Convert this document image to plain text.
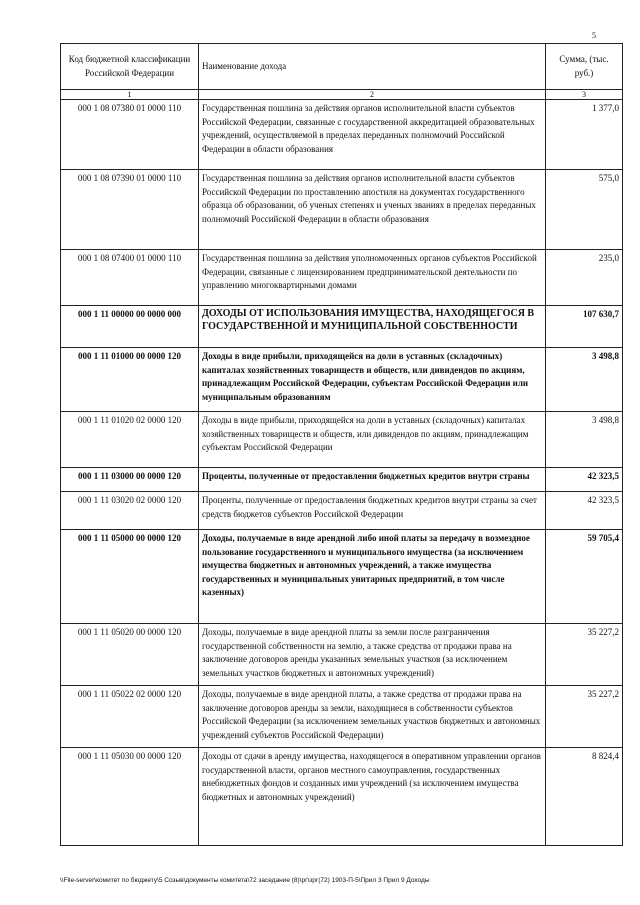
5
Код бюджетной классификации Российской Федерации	Наименование дохода	Сумма, (тыс. руб.)
1	2	3
000 1 08 07380 01 0000 110	Государственная пошлина за действия органов исполнительной власти субъектов Российской Федерации, связанные с государственной аккредитацией образовательных учреждений, осуществляемой в пределах переданных полномочий Российской Федерации в области образования	1 377,0
000 1 08 07390 01 0000 110	Государственная пошлина за действия органов исполнительной власти субъектов Российской Федерации по проставлению апостиля на документах государственного образца об образовании, об ученых степенях и ученых званиях в пределах переданных полномочий Российской Федерации в области образования	575,0
000 1 08 07400 01 0000 110	Государственная пошлина за действия уполномоченных органов субъектов Российской Федерации, связанные с лицензированием предпринимательской деятельности по управлению многоквартирными домами	235,0
000 1 11 00000 00 0000 000	ДОХОДЫ ОТ ИСПОЛЬЗОВАНИЯ ИМУЩЕСТВА, НАХОДЯЩЕГОСЯ В ГОСУДАРСТВЕННОЙ И МУНИЦИПАЛЬНОЙ СОБСТВЕННОСТИ	107 630,7
000 1 11 01000 00 0000 120	Доходы в виде прибыли, приходящейся на доли в уставных (складочных) капиталах хозяйственных товариществ и обществ, или дивидендов по акциям, принадлежащим Российской Федерации, субъектам Российской Федерации или муниципальным образованиям	3 498,8
000 1 11 01020 02 0000 120	Доходы в виде прибыли, приходящейся на доли в уставных (складочных) капиталах хозяйственных товариществ и обществ, или дивидендов по акциям, принадлежащим субъектам Российской Федерации	3 498,8
000 1 11 03000 00 0000 120	Проценты, полученные от предоставления бюджетных кредитов внутри страны	42 323,5
000 1 11 03020 02 0000 120	Проценты, полученные от предоставления бюджетных кредитов внутри страны за счет средств бюджетов субъектов Российской Федерации	42 323,5
000 1 11 05000 00 0000 120	Доходы, получаемые в виде арендной либо иной платы за передачу в возмездное пользование государственного и муниципального имущества (за исключением имущества бюджетных и автономных учреждений, а также имущества государственных и муниципальных унитарных предприятий, в том числе казенных)	59 705,4
000 1 11 05020 00 0000 120	Доходы, получаемые в виде арендной платы за земли после разграничения государственной собственности на землю, а также средства от продажи права на заключение договоров аренды указанных земельных участков (за исключением земельных участков бюджетных и автономных учреждений)	35 227,2
000 1 11 05022 02 0000 120	Доходы, получаемые в виде арендной платы, а также средства от продажи права на заключение договоров аренды за земли, находящиеся в собственности субъектов Российской Федерации (за исключением земельных участков бюджетных и автономных учреждений субъектов Российской Федерации)	35 227,2
000 1 11 05030 00 0000 120	Доходы от сдачи в аренду имущества, находящегося в оперативном управлении органов государственной власти, органов местного самоуправления, государственных внебюджетных фондов и созданных ими учреждений (за исключением имущества бюджетных и автономных учреждений)	8 824,4
\\File-server\комитет по бюджету\5 Созыв\документы комитета\72 заседание (8)\рг\зрг(72) 1903-П-5\Прил 3 Прил 9 Доходы
